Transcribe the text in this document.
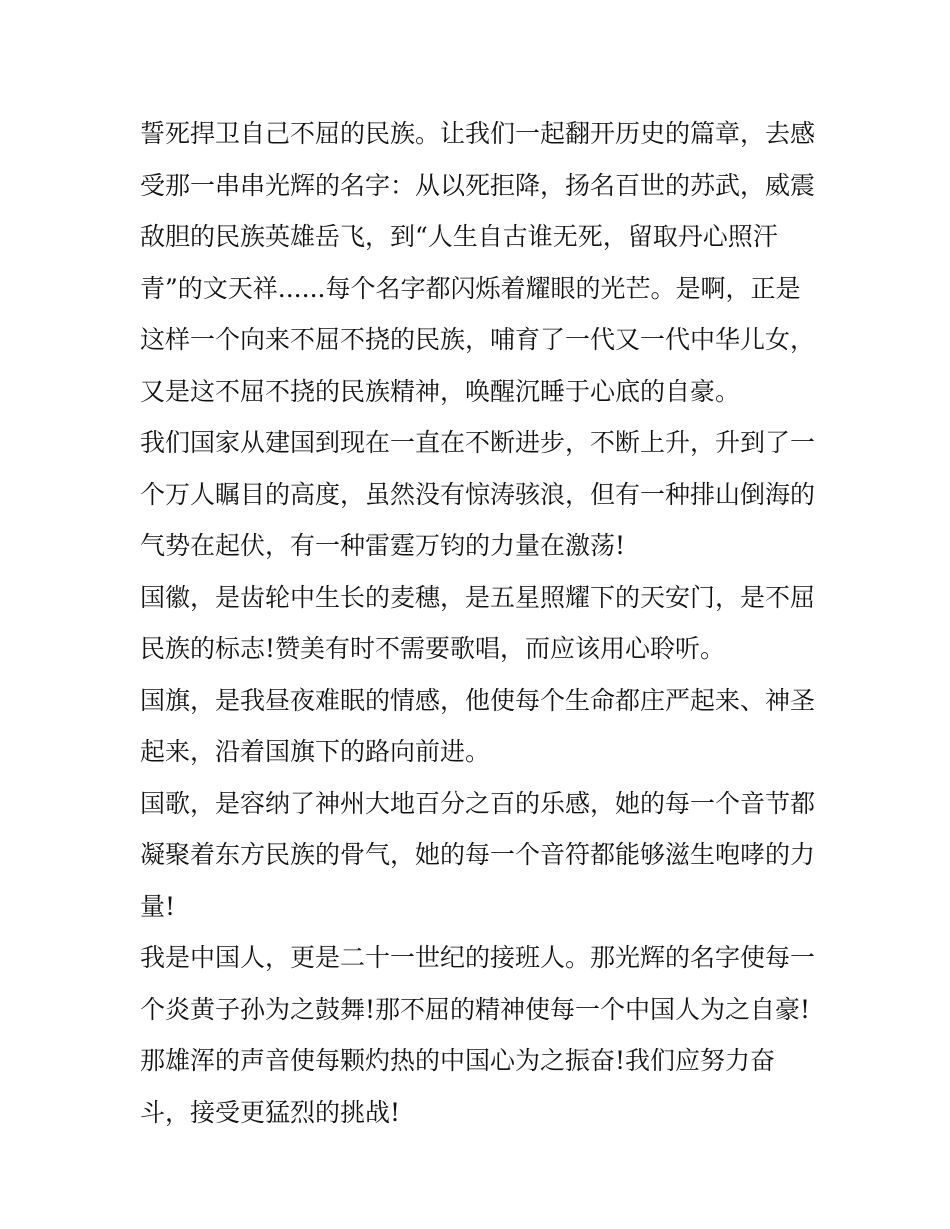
誓死捍卫自己不屈的民族。让我们一起翻开历史的篇章，去感
受那一串串光辉的名字：从以死拒降，扬名百世的苏武，威震
敌胆的民族英雄岳飞，到“人生自古谁无死，留取丹心照汗
青”的文天祥......每个名字都闪烁着耀眼的光芒。是啊，正是
这样一个向来不屈不挠的民族，哺育了一代又一代中华儿女，
又是这不屈不挠的民族精神，唤醒沉睡于心底的自豪。
我们国家从建国到现在一直在不断进步，不断上升，升到了一
个万人瞩目的高度，虽然没有惊涛骇浪，但有一种排山倒海的
气势在起伏，有一种雷霆万钧的力量在激荡!
国徽，是齿轮中生长的麦穗，是五星照耀下的天安门，是不屈
民族的标志!赞美有时不需要歌唱，而应该用心聆听。
国旗，是我昼夜难眠的情感，他使每个生命都庄严起来、神圣
起来，沿着国旗下的路向前进。
国歌，是容纳了神州大地百分之百的乐感，她的每一个音节都
凝聚着东方民族的骨气，她的每一个音符都能够滋生咆哮的力
量!
我是中国人，更是二十一世纪的接班人。那光辉的名字使每一
个炎黄子孙为之鼓舞!那不屈的精神使每一个中国人为之自豪!
那雄浑的声音使每颗灼热的中国心为之振奋!我们应努力奋
斗，接受更猛烈的挑战!
